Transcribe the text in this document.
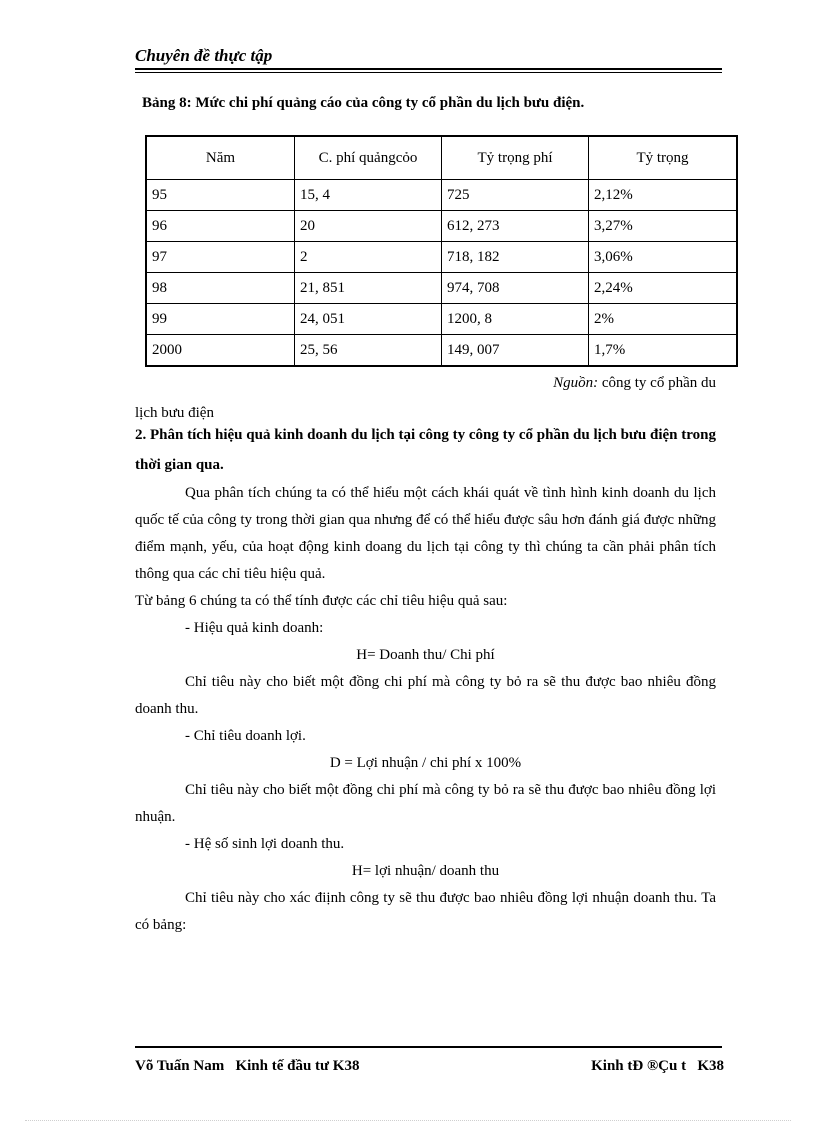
Chuyên đề thực tập
Bảng 8: Mức chi phí quảng cáo của công ty cổ phần du lịch bưu điện.
Năm	C. phí quảngcỏo	Tỷ trọng phí	Tỷ trọng
95	15, 4	725	2,12%
96	20	612, 273	3,27%
97	2	718, 182	3,06%
98	21, 851	974, 708	2,24%
99	24, 051	1200, 8	2%
2000	25, 56	149, 007	1,7%
Nguồn: công ty cổ phần du
lịch bưu điện
2. Phân tích hiệu quả kinh doanh du lịch tại công ty công ty cổ phần du lịch bưu điện trong thời gian qua.

Qua phân tích chúng ta có thể hiểu một cách khái quát về tình hình kinh doanh du lịch quốc tế của công ty trong thời gian qua nhưng để có thể hiểu được sâu hơn đánh giá được những điểm mạnh, yếu, của hoạt động kinh doang du lịch tại công ty thì chúng ta cần phải phân tích thông qua các chỉ tiêu hiệu quả.

Từ bảng 6 chúng ta có thể tính được các chỉ tiêu hiệu quả sau:

- Hiệu quả kinh doanh:

H= Doanh thu/ Chi phí

Chỉ tiêu này cho biết một đồng chi phí mà công ty bỏ ra sẽ thu được bao nhiêu đồng doanh thu.

- Chỉ tiêu doanh lợi.

D = Lợi nhuận / chi phí x 100%

Chỉ tiêu này cho biết một đồng chi phí mà công ty bỏ ra sẽ thu được bao nhiêu đồng lợi nhuận.

- Hệ số sinh lợi doanh thu.

H= lợi nhuận/ doanh thu

Chỉ tiêu này cho xác điịnh công ty sẽ thu được bao nhiêu đồng lợi nhuận doanh thu. Ta có bảng:

Võ Tuấn Nam   Kinh tế đầu tư K38	Kinh tĐ ®Çu t   K38
